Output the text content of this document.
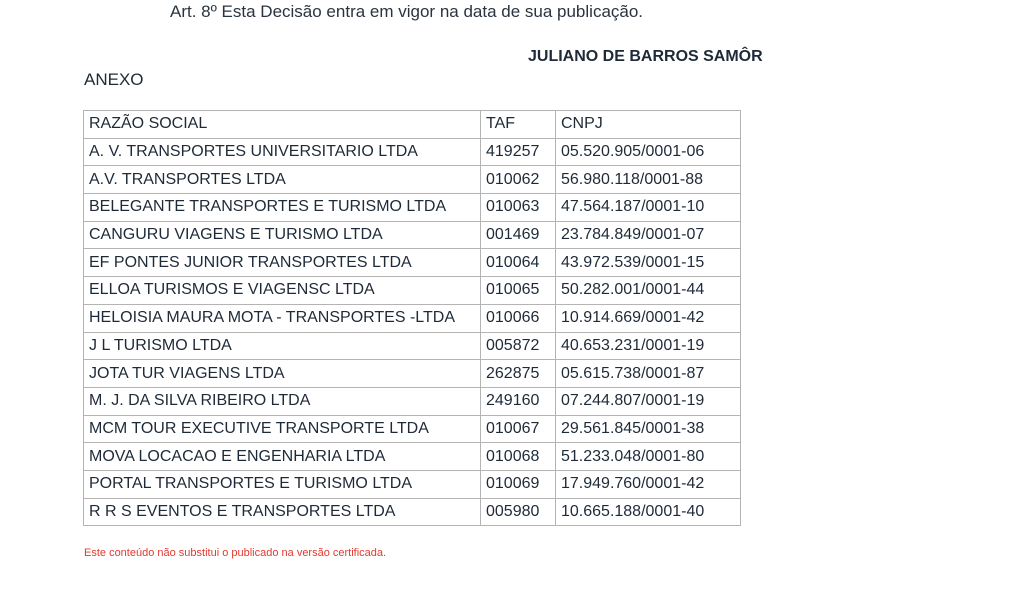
Art. 8º Esta Decisão entra em vigor na data de sua publicação.

JULIANO DE BARROS SAMÔR

ANEXO

RAZÃO SOCIAL	TAF	CNPJ
A. V. TRANSPORTES UNIVERSITARIO LTDA	419257	05.520.905/0001-06
A.V. TRANSPORTES LTDA	010062	56.980.118/0001-88
BELEGANTE TRANSPORTES E TURISMO LTDA	010063	47.564.187/0001-10
CANGURU VIAGENS E TURISMO LTDA	001469	23.784.849/0001-07
EF PONTES JUNIOR TRANSPORTES LTDA	010064	43.972.539/0001-15
ELLOA TURISMOS E VIAGENSC LTDA	010065	50.282.001/0001-44
HELOISIA MAURA MOTA - TRANSPORTES -LTDA	010066	10.914.669/0001-42
J L TURISMO LTDA	005872	40.653.231/0001-19
JOTA TUR VIAGENS LTDA	262875	05.615.738/0001-87
M. J. DA SILVA RIBEIRO LTDA	249160	07.244.807/0001-19
MCM TOUR EXECUTIVE TRANSPORTE LTDA	010067	29.561.845/0001-38
MOVA LOCACAO E ENGENHARIA LTDA	010068	51.233.048/0001-80
PORTAL TRANSPORTES E TURISMO LTDA	010069	17.949.760/0001-42
R R S EVENTOS E TRANSPORTES LTDA	005980	10.665.188/0001-40

Este conteúdo não substitui o publicado na versão certificada.
